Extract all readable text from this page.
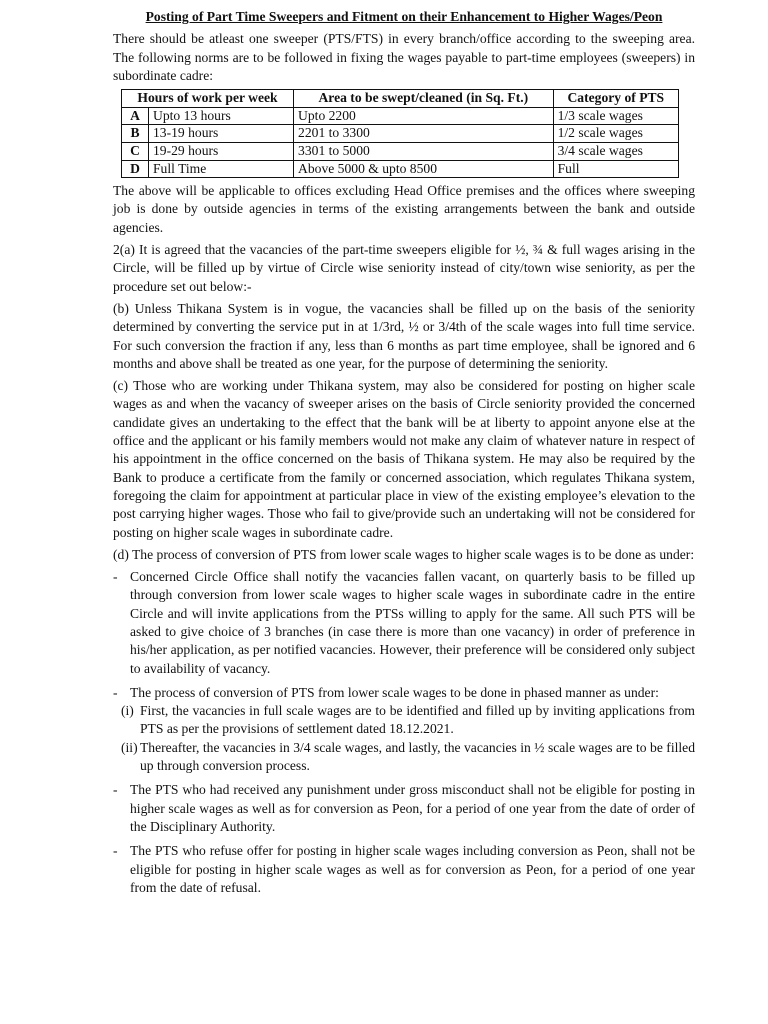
Posting of Part Time Sweepers and Fitment on their Enhancement to Higher Wages/Peon

There should be atleast one sweeper (PTS/FTS) in every branch/office according to the sweeping area. The following norms are to be followed in fixing the wages payable to part-time employees (sweepers) in subordinate cadre:

Hours of work per week		Area to be swept/cleaned (in Sq. Ft.)	Category of PTS
A	Upto 13 hours	Upto 2200	1/3 scale wages
B	13-19 hours	2201 to 3300	1/2 scale wages
C	19-29 hours	3301 to 5000	3/4 scale wages
D	Full Time	Above 5000 & upto 8500	Full

The above will be applicable to offices excluding Head Office premises and the offices where sweeping job is done by outside agencies in terms of the existing arrangements between the bank and outside agencies.

2(a) It is agreed that the vacancies of the part-time sweepers eligible for ½, ¾ & full wages arising in the Circle, will be filled up by virtue of Circle wise seniority instead of city/town wise seniority, as per the procedure set out below:-

(b) Unless Thikana System is in vogue, the vacancies shall be filled up on the basis of the seniority determined by converting the service put in at 1/3rd, ½ or 3/4th of the scale wages into full time service. For such conversion the fraction if any, less than 6 months as part time employee, shall be ignored and 6 months and above shall be treated as one year, for the purpose of determining the seniority.

(c) Those who are working under Thikana system, may also be considered for posting on higher scale wages as and when the vacancy of sweeper arises on the basis of Circle seniority provided the concerned candidate gives an undertaking to the effect that the bank will be at liberty to appoint anyone else at the office and the applicant or his family members would not make any claim of whatever nature in respect of his appointment in the office concerned on the basis of Thikana system. He may also be required by the Bank to produce a certificate from the family or concerned association, which regulates Thikana system, foregoing the claim for appointment at particular place in view of the existing employee’s elevation to the post carrying higher wages. Those who fail to give/provide such an undertaking will not be considered for posting on higher scale wages in subordinate cadre.

(d) The process of conversion of PTS from lower scale wages to higher scale wages is to be done as under:

- Concerned Circle Office shall notify the vacancies fallen vacant, on quarterly basis to be filled up through conversion from lower scale wages to higher scale wages in subordinate cadre in the entire Circle and will invite applications from the PTSs willing to apply for the same. All such PTS will be asked to give choice of 3 branches (in case there is more than one vacancy) in order of preference in his/her application, as per notified vacancies. However, their preference will be considered only subject to availability of vacancy.
- The process of conversion of PTS from lower scale wages to be done in phased manner as under:
(i) First, the vacancies in full scale wages are to be identified and filled up by inviting applications from PTS as per the provisions of settlement dated 18.12.2021.
(ii) Thereafter, the vacancies in 3/4 scale wages, and lastly, the vacancies in ½ scale wages are to be filled up through conversion process.
- The PTS who had received any punishment under gross misconduct shall not be eligible for posting in higher scale wages as well as for conversion as Peon, for a period of one year from the date of order of the Disciplinary Authority.
- The PTS who refuse offer for posting in higher scale wages including conversion as Peon, shall not be eligible for posting in higher scale wages as well as for conversion as Peon, for a period of one year from the date of refusal.
